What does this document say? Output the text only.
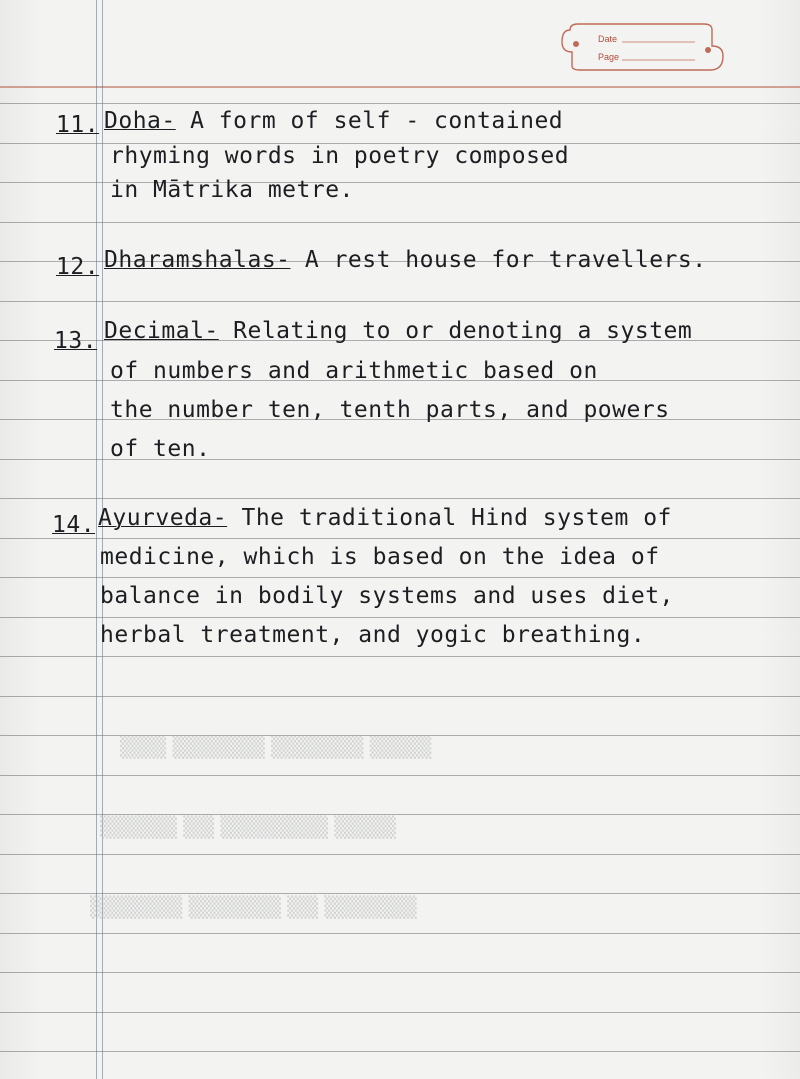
Date
Page
▒▒▒ ▒▒▒▒▒▒ ▒▒▒▒▒▒ ▒▒▒▒
▒▒▒▒▒ ▒▒ ▒▒▒▒▒▒▒ ▒▒▒▒
▒▒▒▒▒▒ ▒▒▒▒▒▒ ▒▒ ▒▒▒▒▒▒
11. Doha- A form of self - contained
rhyming words in poetry composed
in Mātrika metre.
12. Dharamshalas- A rest house for travellers.
13. Decimal- Relating to or denoting a system
of numbers and arithmetic based on
the number ten, tenth parts, and powers
of ten.
14. Ayurveda- The traditional Hind system of
medicine, which is based on the idea of
balance in bodily systems and uses diet,
herbal treatment, and yogic breathing.
